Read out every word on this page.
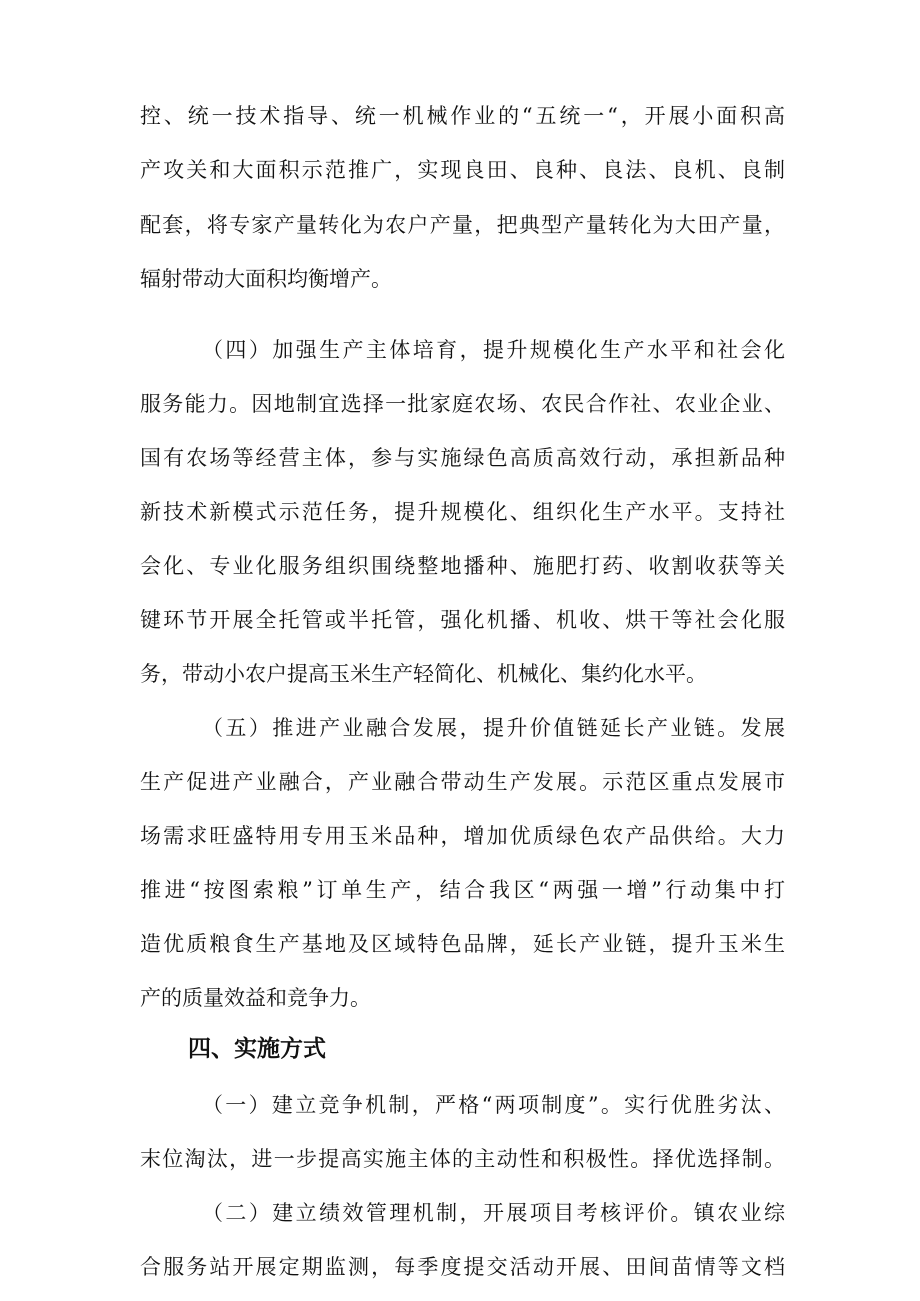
控、统一技术指导、统一机械作业的“五统一“，开展小面积高
产攻关和大面积示范推广，实现良田、良种、良法、良机、良制
配套，将专家产量转化为农户产量，把典型产量转化为大田产量，
辐射带动大面积均衡增产。
（四）加强生产主体培育，提升规模化生产水平和社会化
服务能力。因地制宜选择一批家庭农场、农民合作社、农业企业、
国有农场等经营主体，参与实施绿色高质高效行动，承担新品种
新技术新模式示范任务，提升规模化、组织化生产水平。支持社
会化、专业化服务组织围绕整地播种、施肥打药、收割收获等关
键环节开展全托管或半托管，强化机播、机收、烘干等社会化服
务，带动小农户提高玉米生产轻简化、机械化、集约化水平。
（五）推进产业融合发展，提升价值链延长产业链。发展
生产促进产业融合，产业融合带动生产发展。示范区重点发展市
场需求旺盛特用专用玉米品种，增加优质绿色农产品供给。大力
推进“按图索粮”订单生产，结合我区“两强一增”行动集中打
造优质粮食生产基地及区域特色品牌，延长产业链，提升玉米生
产的质量效益和竞争力。
四、实施方式
（一）建立竞争机制，严格“两项制度”。实行优胜劣汰、
末位淘汰，进一步提高实施主体的主动性和积极性。择优选择制。
（二）建立绩效管理机制，开展项目考核评价。镇农业综
合服务站开展定期监测，每季度提交活动开展、田间苗情等文档
